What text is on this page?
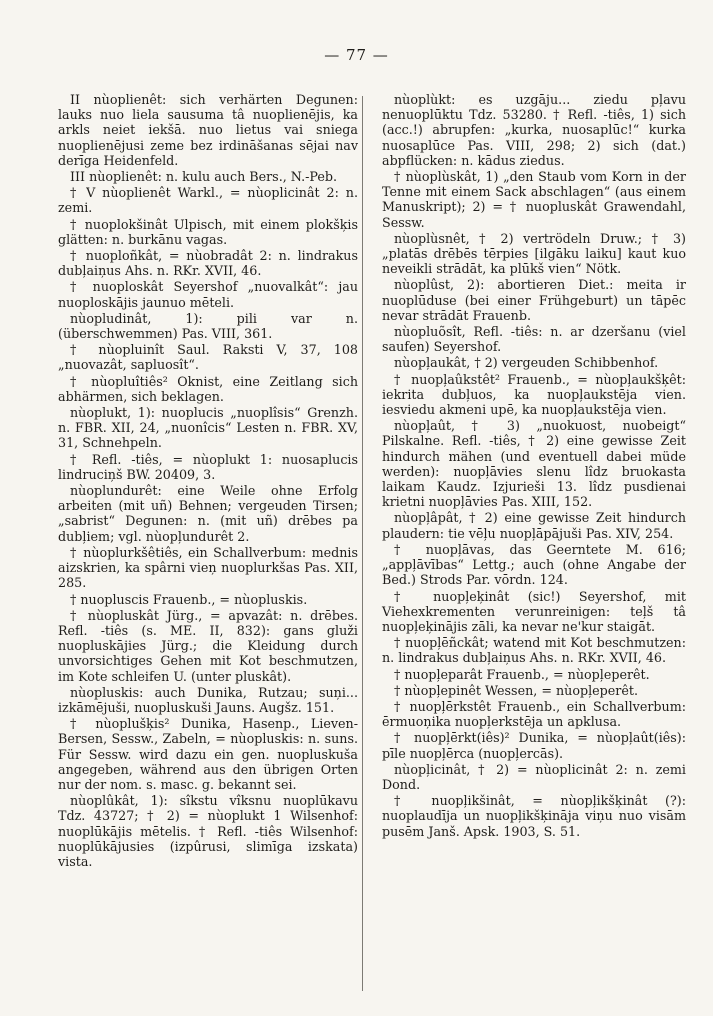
— 77 —

II nùoplienêt: sich verhärten Degunen: lauks nuo liela sausuma tâ nuoplienējis, ka arkls neiet iekšā. nuo lietus vai sniega nuoplienējusi zeme bez irdināšanas sējai nav derīga Heidenfeld.

III nùoplienêt: n. kulu auch Bers., N.-Peb.

† V nùoplienêt Warkl., = nùoplicinât 2: n. zemi.

† nuoplokšinât Ulpisch, mit einem plokšķis glätten: n. burkānu vagas.

† nuoploñkât, = nùobradât 2: n. lindrakus dubļaiņus Ahs. n. RKr. XVII, 46.

† nuoploskât Seyershof „nuovalkât“: jau nuoploskājis jaunuo mēteli.

nùopludinât, 1): pili var n. (überschwemmen) Pas. VIII, 361.

† nùopluinît Saul. Raksti V, 37, 108 „nuovazât, sapluosît“.

† nùopluîtiês² Oknist, eine Zeitlang sich abhärmen, sich beklagen.

nùoplukt, 1): nuoplucis „nuoplîsis“ Grenzh. n. FBR. XII, 24, „nuonîcis“ Lesten n. FBR. XV, 31, Schnehpeln.

† Refl. -tiês, = nùoplukt 1: nuosaplucis lindruciņš BW. 20409, 3.

nùoplundurêt: eine Weile ohne Erfolg arbeiten (mit uñ) Behnen; vergeuden Tirsen; „sabrist“ Degunen: n. (mit uñ) drēbes pa dubļiem; vgl. nùopļundurêt 2.

† nùoplurkšêtiês, ein Schallverbum: mednis aizskrien, ka spârni vieņ nuoplurkšas Pas. XII, 285.

† nuopluscis Frauenb., = nùopluskis.

† nùopluskât Jürg., = apvazât: n. drēbes. Refl. -tiês (s. ME. II, 832): gans gluži nuopluskājies Jürg.; die Kleidung durch unvorsichtiges Gehen mit Kot beschmutzen, im Kote schleifen U. (unter pluskât).

nùopluskis: auch Dunika, Rutzau; suņi... izkāmējuši, nuopluskuši Jauns. Augšz. 151.

† nùoplušķis² Dunika, Hasenp., Lieven-Bersen, Sessw., Zabeln, = nùopluskis: n. suns. Für Sessw. wird dazu ein gen. nuopluskuša angegeben, während aus den übrigen Orten nur der nom. s. masc. g. bekannt sei.

nùoplûkât, 1): sîkstu vîksnu nuoplūkavu Tdz. 43727; † 2) = nùoplukt 1 Wilsenhof: nuoplūkājis mētelis. † Refl. -tiês Wilsenhof: nuoplūkājusies (izpûrusi, slimīga izskata) vista.

nùoplùkt: es uzgāju... ziedu pļavu nenuoplūktu Tdz. 53280. † Refl. -tiês, 1) sich (acc.!) abrupfen: „kurka, nuosaplūc!“ kurka nuosaplūce Pas. VIII, 298; 2) sich (dat.) abpflücken: n. kādus ziedus.

† nùoplùskât, 1) „den Staub vom Korn in der Tenne mit einem Sack abschlagen“ (aus einem Manuskript); 2) = † nuopluskât Grawendahl, Sessw.

nùoplùsnêt, † 2) vertrödeln Druw.; † 3) „platās drēbēs tērpies [ilgāku laiku] kaut kuo neveikli strādāt, ka plūkš vien“ Nötk.

nùoplûst, 2): abortieren Diet.: meita ir nuoplūduse (bei einer Frühgeburt) un tāpēc nevar strādāt Frauenb.

nùopluõsît, Refl. -tiês: n. ar dzeršanu (viel saufen) Seyershof.

nùopļaukât, † 2) vergeuden Schibbenhof.

† nuopļaûkstêt² Frauenb., = nùopļaukšķêt: iekrita dubļuos, ka nuopļaukstēja vien. iesviedu akmeni upē, ka nuopļaukstēja vien.

nùopļaût, † 3) „nuokuost, nuobeigt“ Pilskalne. Refl. -tiês, † 2) eine gewisse Zeit hindurch mähen (und eventuell dabei müde werden): nuopļāvies slenu lîdz bruokasta laikam Kaudz. Izjurieši 13. lîdz pusdienai krietni nuopļāvies Pas. XIII, 152.

nùopļâpât, † 2) eine gewisse Zeit hindurch plaudern: tie vēļu nuopļāpājuši Pas. XIV, 254.

† nuopļāvas, das Geerntete M. 616; „appļāvības“ Lettg.; auch (ohne Angabe der Bed.) Strods Par. vōrdn. 124.

† nuopļeķinât (sic!) Seyershof, mit Viehexkrementen verunreinigen: teļš tâ nuopļeķinājis zāli, ka nevar ne'kur staigāt.

† nuopļēñckât; watend mit Kot beschmutzen: n. lindrakus dubļaiņus Ahs. n. RKr. XVII, 46.

† nuopļeparât Frauenb., = nùopļeperêt.

† nùopļepinêt Wessen, = nùopļeperêt.

† nuopļērkstêt Frauenb., ein Schallverbum: ērmuoņika nuopļerkstēja un apklusa.

† nuopļērkt(iês)² Dunika, = nùopļaût(iês): pīle nuopļērca (nuopļercās).

nùopļicinât, † 2) = nùoplicinât 2: n. zemi Dond.

† nuopļikšinât, = nùopļikšķinât (?): nuoplaudīja un nuopļikšķināja viņu nuo visām pusēm Janš. Apsk. 1903, S. 51.
